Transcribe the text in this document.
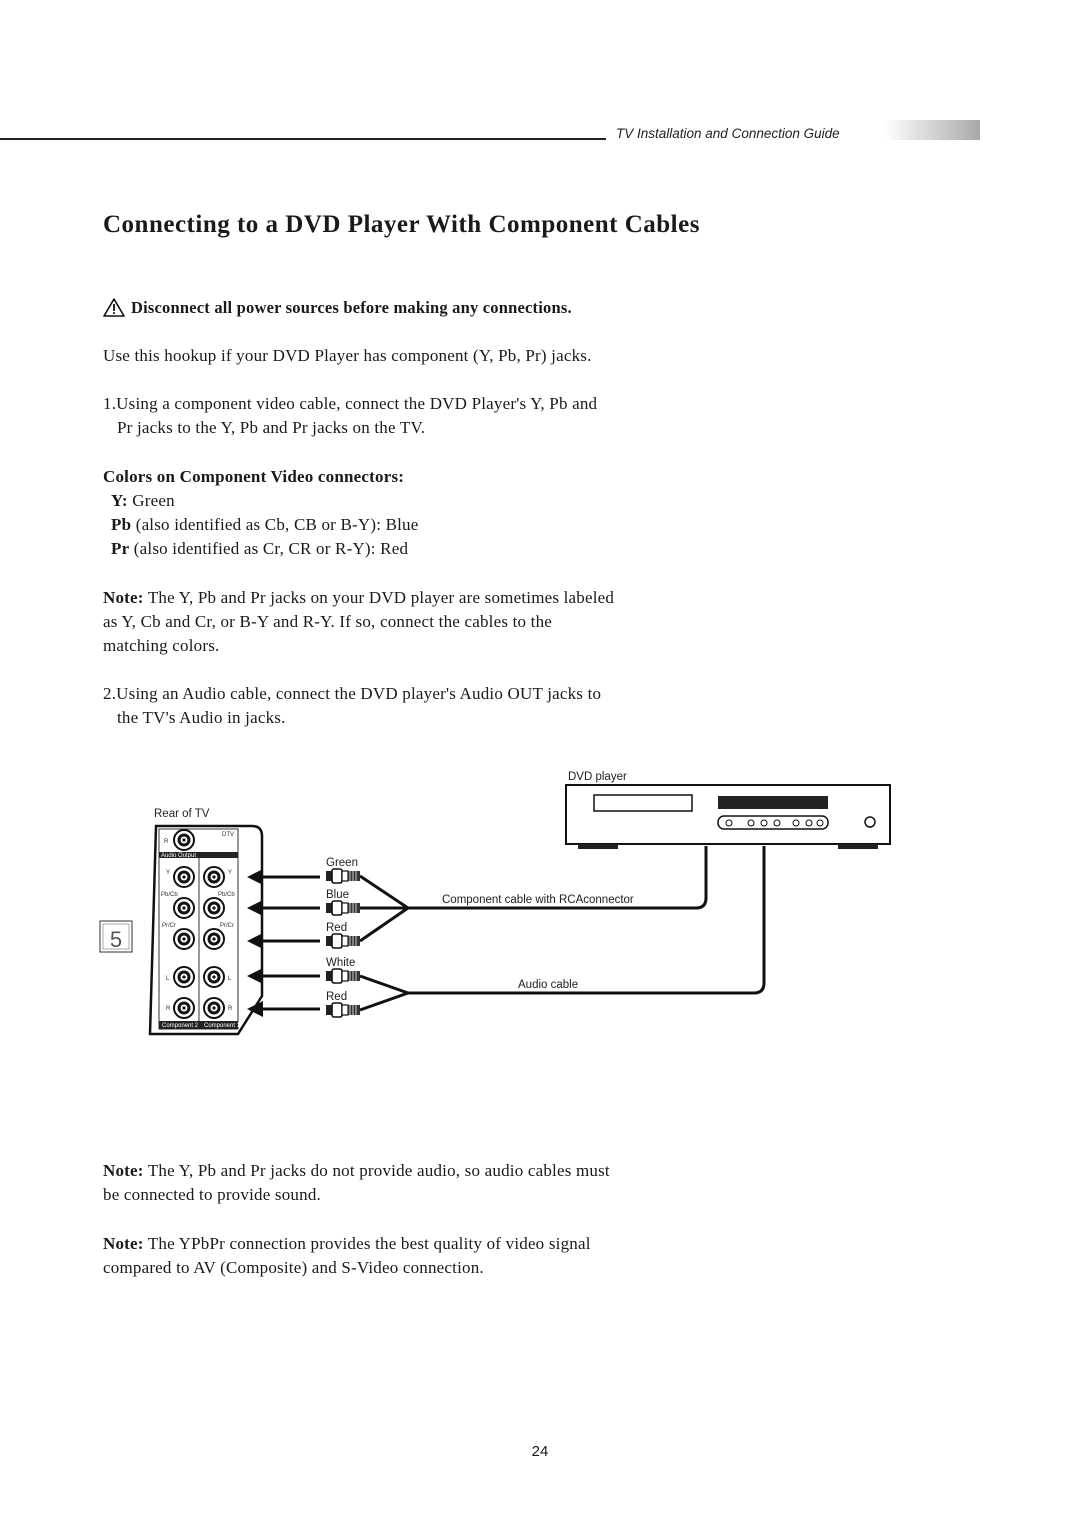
TV Installation and Connection Guide
Connecting to a DVD Player With Component Cables
Disconnect all power sources before making any connections.
Use this hookup if your DVD Player has component (Y, Pb, Pr) jacks.
1.Using a component video cable, connect the DVD Player's Y, Pb and
Pr jacks to the Y, Pb and Pr jacks on the TV.
Colors on Component Video connectors:
Y: Green
Pb (also identified as Cb, CB or B-Y): Blue
Pr (also identified as Cr, CR or R-Y): Red
Note: The Y, Pb and Pr jacks on your DVD player are sometimes labeled
as Y, Cb and Cr, or B-Y and R-Y. If so, connect the cables to the
matching colors.
2.Using an Audio cable, connect the DVD player's Audio OUT jacks to
the TV's Audio in jacks.
DVD player
Rear of TV
DTV
Audio Output
Component 2 Component 1
R
Y	Y
Pb/Cb	Pb/Cb
Pr/Cr	Pr/Cr
L	L
R	R
5
Green
Blue
Red
White
Red
Component cable with RCAconnector
Audio cable
Note: The Y, Pb and Pr jacks do not provide audio, so audio cables must
be connected to provide sound.
Note: The YPbPr connection provides the best quality of video signal
compared to AV (Composite) and S-Video connection.
24
